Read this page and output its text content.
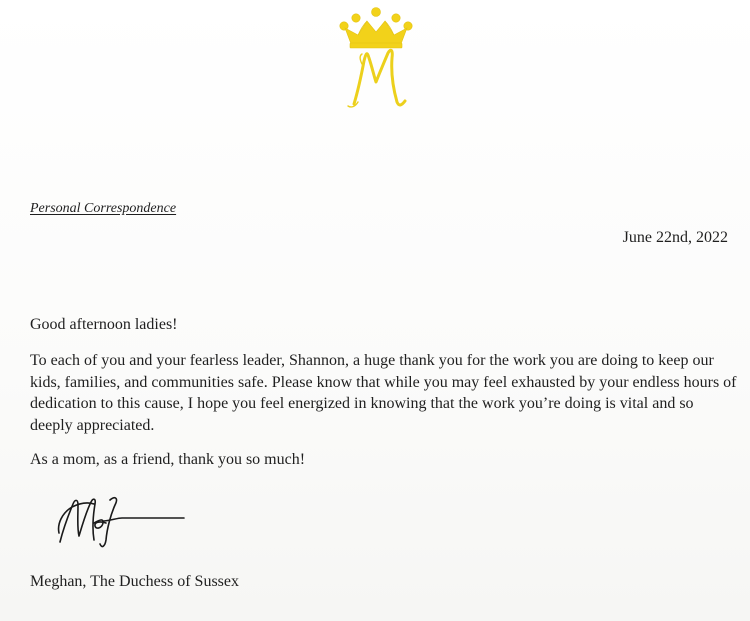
Personal Correspondence
June 22nd, 2022
Good afternoon ladies!

To each of you and your fearless leader, Shannon, a huge thank you for the work you are doing to keep our kids, families, and communities safe. Please know that while you may feel exhausted by your endless hours of dedication to this cause, I hope you feel energized in knowing that the work you’re doing is vital and so deeply appreciated.

As a mom, as a friend, thank you so much!
Meghan, The Duchess of Sussex
